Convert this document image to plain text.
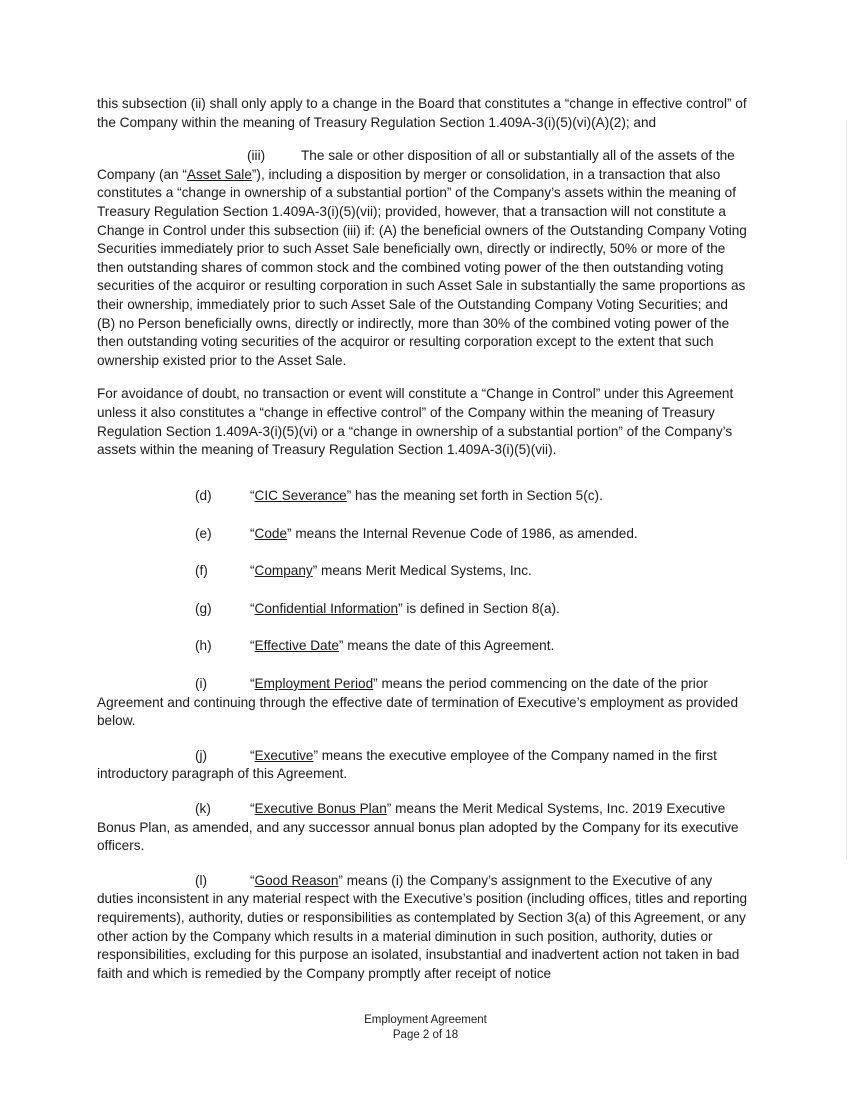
this subsection (ii) shall only apply to a change in the Board that constitutes a “change in effective control” of the Company within the meaning of Treasury Regulation Section 1.409A-3(i)(5)(vi)(A)(2); and

(iii)	The sale or other disposition of all or substantially all of the assets of the Company (an “Asset Sale”), including a disposition by merger or consolidation, in a transaction that also constitutes a “change in ownership of a substantial portion” of the Company’s assets within the meaning of Treasury Regulation Section 1.409A-3(i)(5)(vii); provided, however, that a transaction will not constitute a Change in Control under this subsection (iii) if: (A) the beneficial owners of the Outstanding Company Voting Securities immediately prior to such Asset Sale beneficially own, directly or indirectly, 50% or more of the then outstanding shares of common stock and the combined voting power of the then outstanding voting securities of the acquiror or resulting corporation in such Asset Sale in substantially the same proportions as their ownership, immediately prior to such Asset Sale of the Outstanding Company Voting Securities; and (B) no Person beneficially owns, directly or indirectly, more than 30% of the combined voting power of the then outstanding voting securities of the acquiror or resulting corporation except to the extent that such ownership existed prior to the Asset Sale.

For avoidance of doubt, no transaction or event will constitute a “Change in Control” under this Agreement unless it also constitutes a “change in effective control” of the Company within the meaning of Treasury Regulation Section 1.409A-3(i)(5)(vi) or a “change in ownership of a substantial portion” of the Company’s assets within the meaning of Treasury Regulation Section 1.409A-3(i)(5)(vii).

(d)	“CIC Severance” has the meaning set forth in Section 5(c).

(e)	“Code” means the Internal Revenue Code of 1986, as amended.

(f)	“Company” means Merit Medical Systems, Inc.

(g)	“Confidential Information” is defined in Section 8(a).

(h)	“Effective Date” means the date of this Agreement.

(i)	“Employment Period” means the period commencing on the date of the prior Agreement and continuing through the effective date of termination of Executive’s employment as provided below.

(j)	“Executive” means the executive employee of the Company named in the first introductory paragraph of this Agreement.

(k)	“Executive Bonus Plan” means the Merit Medical Systems, Inc. 2019 Executive Bonus Plan, as amended, and any successor annual bonus plan adopted by the Company for its executive officers.

(l)	“Good Reason” means (i) the Company’s assignment to the Executive of any duties inconsistent in any material respect with the Executive’s position (including offices, titles and reporting requirements), authority, duties or responsibilities as contemplated by Section 3(a) of this Agreement, or any other action by the Company which results in a material diminution in such position, authority, duties or responsibilities, excluding for this purpose an isolated, insubstantial and inadvertent action not taken in bad faith and which is remedied by the Company promptly after receipt of notice

Employment Agreement
Page 2 of 18
